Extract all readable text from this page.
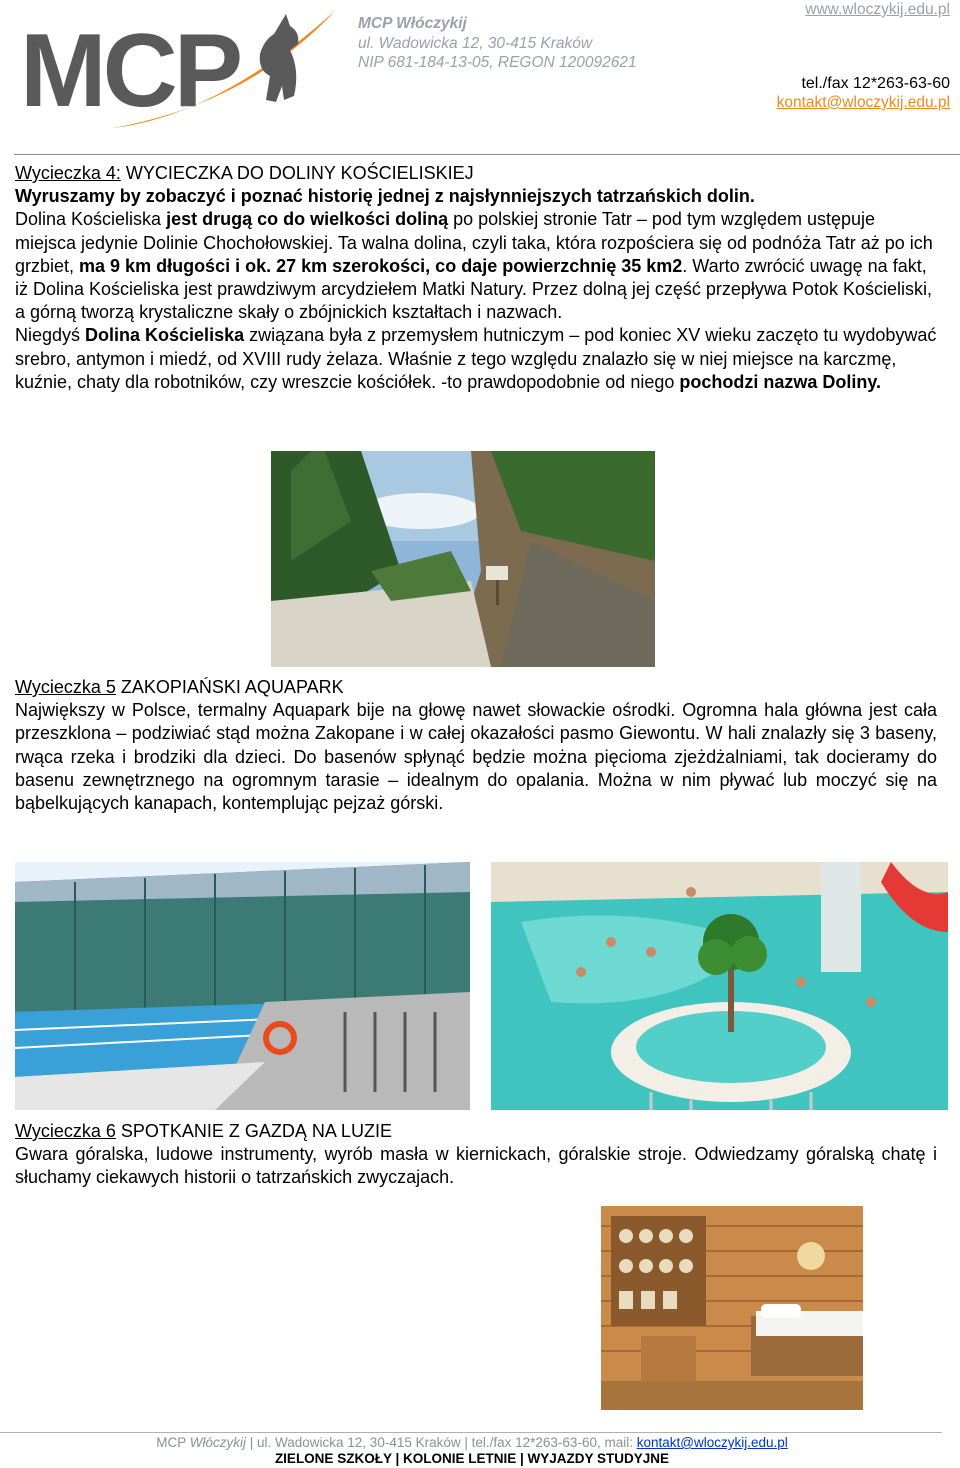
MCP	MCP Włóczykij
ul. Wadowicka 12, 30-415 Kraków
NIP 681-184-13-05, REGON 120092621
www.wloczykij.edu.pl
tel./fax 12*263-63-60
kontakt@wloczykij.edu.pl

Wycieczka 4: WYCIECZKA DO DOLINY KOŚCIELISKIEJ

Wyruszamy by zobaczyć i poznać historię jednej z najsłynniejszych tatrzańskich dolin.

Dolina Kościeliska jest drugą co do wielkości doliną po polskiej stronie Tatr – pod tym względem ustępuje miejsca jedynie Dolinie Chochołowskiej. Ta walna dolina, czyli taka, która rozpościera się od podnóża Tatr aż po ich grzbiet, ma 9 km długości i ok. 27 km szerokości, co daje powierzchnię 35 km2. Warto zwrócić uwagę na fakt, iż Dolina Kościeliska jest prawdziwym arcydziełem Matki Natury. Przez dolną jej część przepływa Potok Kościeliski, a górną tworzą krystaliczne skały o zbójnickich kształtach i nazwach.

Niegdyś Dolina Kościeliska związana była z przemysłem hutniczym – pod koniec XV wieku zaczęto tu wydobywać srebro, antymon i miedź, od XVIII rudy żelaza. Właśnie z tego względu znalazło się w niej miejsce na karczmę, kuźnie, chaty dla robotników, czy wreszcie kościółek. -to prawdopodobnie od niego pochodzi nazwa Doliny.

Wycieczka 5 ZAKOPIAŃSKI AQUAPARK

Największy w Polsce, termalny Aquapark bije na głowę nawet słowackie ośrodki. Ogromna hala główna jest cała przeszklona – podziwiać stąd można Zakopane i w całej okazałości pasmo Giewontu. W hali znalazły się 3 baseny, rwąca rzeka i brodziki dla dzieci. Do basenów spłynąć będzie można pięcioma zjeżdżalniami, tak docieramy do basenu zewnętrznego na ogromnym tarasie – idealnym do opalania. Można w nim pływać lub moczyć się na bąbelkujących kanapach, kontemplując pejzaż górski.

Wycieczka 6 SPOTKANIE Z GAZDĄ NA LUZIE

Gwara góralska, ludowe instrumenty, wyrób masła w kiernickach, góralskie stroje. Odwiedzamy góralską chatę i słuchamy ciekawych historii o tatrzańskich zwyczajach.

MCP Włóczykij | ul. Wadowicka 12, 30-415 Kraków | tel./fax 12*263-63-60, mail: kontakt@wloczykij.edu.pl
ZIELONE SZKOŁY | KOLONIE LETNIE | WYJAZDY STUDYJNE
